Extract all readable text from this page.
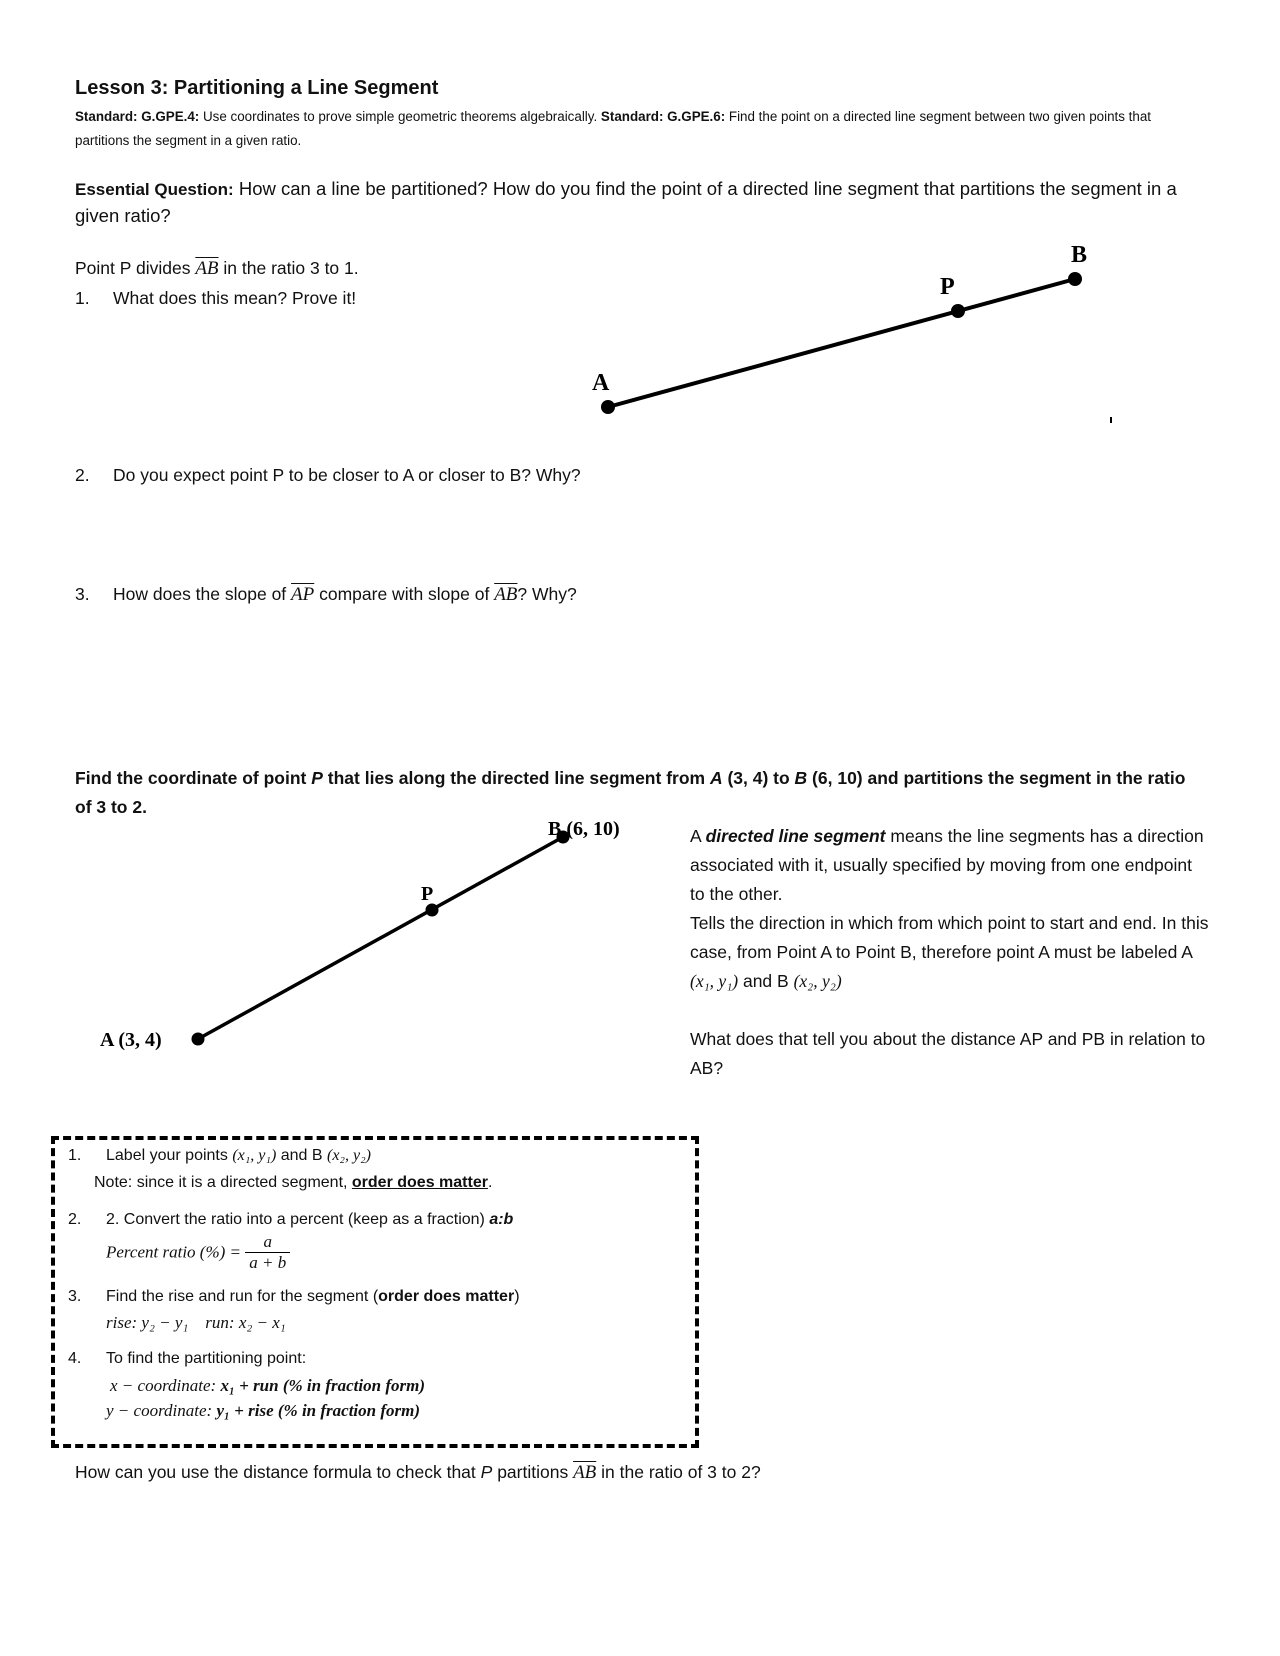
Lesson 3: Partitioning a Line Segment
Standard: G.GPE.4: Use coordinates to prove simple geometric theorems algebraically. Standard: G.GPE.6: Find the point on a directed line segment between two given points that partitions the segment in a given ratio.
Essential Question: How can a line be partitioned? How do you find the point of a directed line segment that partitions the segment in a given ratio?
Point P divides $\overline{AB}$ in the ratio 3 to 1.
1. What does this mean? Prove it!
A
P
B
2. Do you expect point P to be closer to A or closer to B? Why?
3. How does the slope of $\overline{AP}$ compare with slope of $\overline{AB}$? Why?
Find the coordinate of point P that lies along the directed line segment from A (3, 4) to B (6, 10) and partitions the segment in the ratio of 3 to 2.
A (3, 4)
P
B (6, 10)	A directed line segment means the line segments has a direction associated with it, usually specified by moving from one endpoint to the other.
Tells the direction in which from which point to start and end. In this case, from Point A to Point B, therefore point A must be labeled A (x₁, y₁) and B (x₂, y₂)
What does that tell you about the distance AP and PB in relation to AB?
1. Label your points (x₁, y₁) and B (x₂, y₂)
Note: since it is a directed segment, order does matter.
2. 2. Convert the ratio into a percent (keep as a fraction) a:b
Percent ratio (%) = $\frac{a}{a + b}$
3. Find the rise and run for the segment (order does matter)
rise: y₂ − y₁    run: x₂ − x₁
4. To find the partitioning point:
x − coordinate: x₁ + run (% in fraction form)
y − coordinate: y₁ + rise (% in fraction form)
How can you use the distance formula to check that P partitions $\overline{AB}$ in the ratio of 3 to 2?
